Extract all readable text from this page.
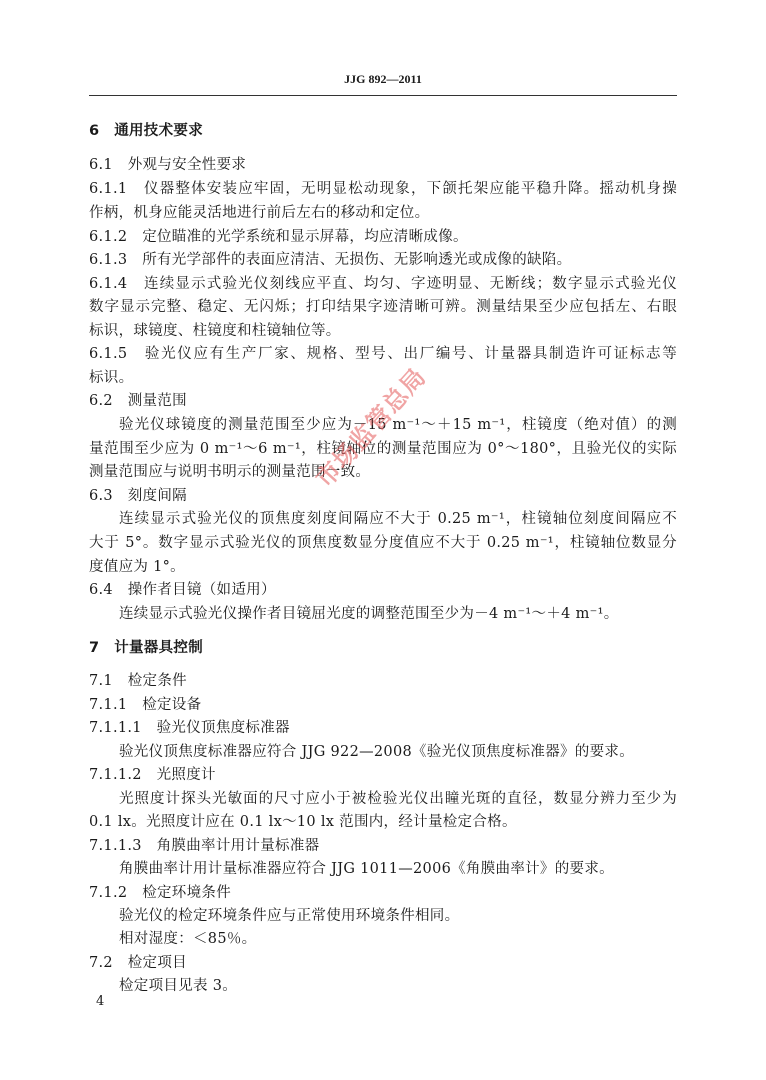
JJG 892—2011
6　通用技术要求
6.1　外观与安全性要求
6.1.1　仪器整体安装应牢固，无明显松动现象，下颌托架应能平稳升降。摇动机身操
作柄，机身应能灵活地进行前后左右的移动和定位。
6.1.2　定位瞄准的光学系统和显示屏幕，均应清晰成像。
6.1.3　所有光学部件的表面应清洁、无损伤、无影响透光或成像的缺陷。
6.1.4　连续显示式验光仪刻线应平直、均匀、字迹明显、无断线；数字显示式验光仪
数字显示完整、稳定、无闪烁；打印结果字迹清晰可辨。测量结果至少应包括左、右眼
标识，球镜度、柱镜度和柱镜轴位等。
6.1.5　验光仪应有生产厂家、规格、型号、出厂编号、计量器具制造许可证标志等
标识。
6.2　测量范围
验光仪球镜度的测量范围至少应为－15 m⁻¹～＋15 m⁻¹，柱镜度（绝对值）的测
量范围至少应为 0 m⁻¹～6 m⁻¹，柱镜轴位的测量范围应为 0°～180°，且验光仪的实际
测量范围应与说明书明示的测量范围一致。
6.3　刻度间隔
连续显示式验光仪的顶焦度刻度间隔应不大于 0.25 m⁻¹，柱镜轴位刻度间隔应不
大于 5°。数字显示式验光仪的顶焦度数显分度值应不大于 0.25 m⁻¹，柱镜轴位数显分
度值应为 1°。
6.4　操作者目镜（如适用）
连续显示式验光仪操作者目镜屈光度的调整范围至少为－4 m⁻¹～＋4 m⁻¹。
7　计量器具控制
7.1　检定条件
7.1.1　检定设备
7.1.1.1　验光仪顶焦度标准器
验光仪顶焦度标准器应符合 JJG 922—2008《验光仪顶焦度标准器》的要求。
7.1.1.2　光照度计
光照度计探头光敏面的尺寸应小于被检验光仪出瞳光斑的直径，数显分辨力至少为
0.1 lx。光照度计应在 0.1 lx～10 lx 范围内，经计量检定合格。
7.1.1.3　角膜曲率计用计量标准器
角膜曲率计用计量标准器应符合 JJG 1011—2006《角膜曲率计》的要求。
7.1.2　检定环境条件
验光仪的检定环境条件应与正常使用环境条件相同。
相对湿度：＜85％。
7.2　检定项目
检定项目见表 3。
市场监管总局
4
